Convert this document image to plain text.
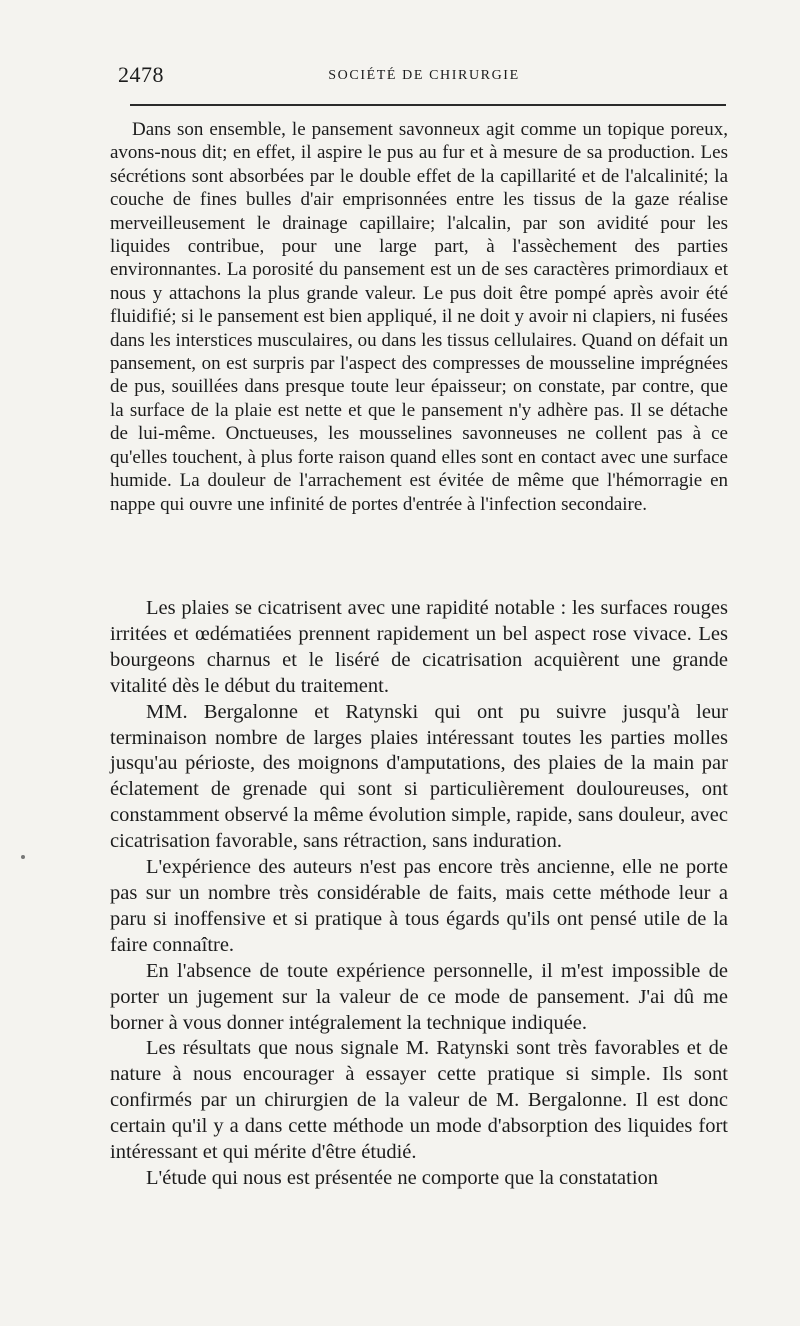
2478	SOCIÉTÉ DE CHIRURGIE

Dans son ensemble, le pansement savonneux agit comme un topique poreux, avons-nous dit; en effet, il aspire le pus au fur et à mesure de sa production. Les sécrétions sont absorbées par le double effet de la capillarité et de l'alcalinité; la couche de fines bulles d'air emprisonnées entre les tissus de la gaze réalise merveilleusement le drainage capillaire; l'alcalin, par son avidité pour les liquides contribue, pour une large part, à l'assèchement des parties environnantes. La porosité du pansement est un de ses caractères primordiaux et nous y attachons la plus grande valeur. Le pus doit être pompé après avoir été fluidifié; si le pansement est bien appliqué, il ne doit y avoir ni clapiers, ni fusées dans les interstices musculaires, ou dans les tissus cellulaires. Quand on défait un pansement, on est surpris par l'aspect des compresses de mousseline imprégnées de pus, souillées dans presque toute leur épaisseur; on constate, par contre, que la surface de la plaie est nette et que le pansement n'y adhère pas. Il se détache de lui-même. Onctueuses, les mousselines savonneuses ne collent pas à ce qu'elles touchent, à plus forte raison quand elles sont en contact avec une surface humide. La douleur de l'arrachement est évitée de même que l'hémorragie en nappe qui ouvre une infinité de portes d'entrée à l'infection secondaire.

Les plaies se cicatrisent avec une rapidité notable : les surfaces rouges irritées et œdématiées prennent rapidement un bel aspect rose vivace. Les bourgeons charnus et le liséré de cicatrisation acquièrent une grande vitalité dès le début du traitement.

MM. Bergalonne et Ratynski qui ont pu suivre jusqu'à leur terminaison nombre de larges plaies intéressant toutes les parties molles jusqu'au périoste, des moignons d'amputations, des plaies de la main par éclatement de grenade qui sont si particulièrement douloureuses, ont constamment observé la même évolution simple, rapide, sans douleur, avec cicatrisation favorable, sans rétraction, sans induration.

L'expérience des auteurs n'est pas encore très ancienne, elle ne porte pas sur un nombre très considérable de faits, mais cette méthode leur a paru si inoffensive et si pratique à tous égards qu'ils ont pensé utile de la faire connaître.

En l'absence de toute expérience personnelle, il m'est impossible de porter un jugement sur la valeur de ce mode de pansement. J'ai dû me borner à vous donner intégralement la technique indiquée.

Les résultats que nous signale M. Ratynski sont très favorables et de nature à nous encourager à essayer cette pratique si simple. Ils sont confirmés par un chirurgien de la valeur de M. Bergalonne. Il est donc certain qu'il y a dans cette méthode un mode d'absorption des liquides fort intéressant et qui mérite d'être étudié.

L'étude qui nous est présentée ne comporte que la constatation
